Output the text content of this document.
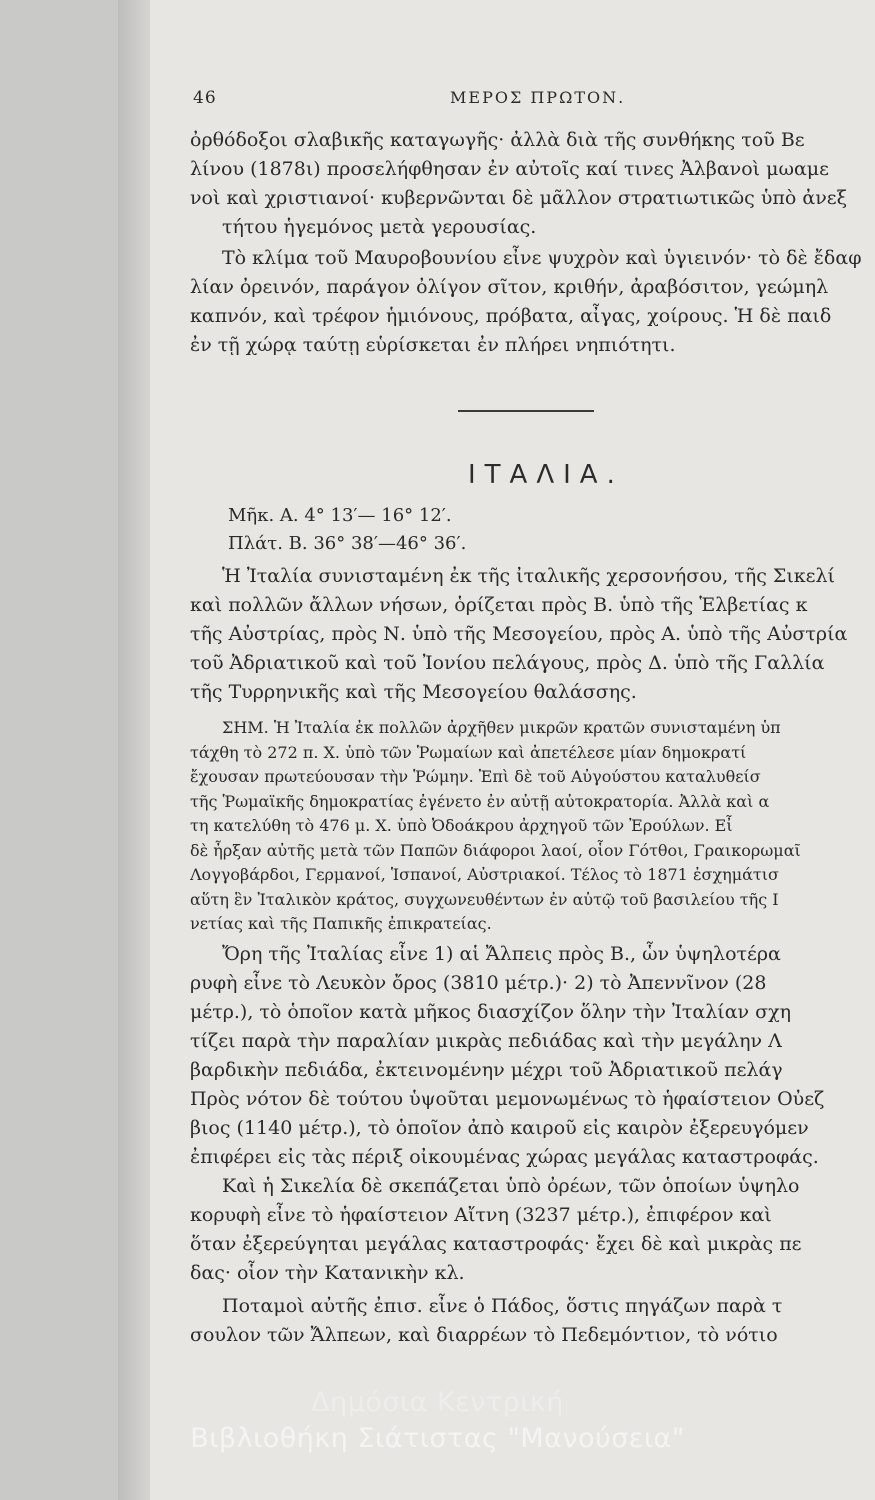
46	ΜΕΡΟΣ ΠΡΩΤΟΝ.

ὀρθόδοξοι σλαβικῆς καταγωγῆς· ἀλλὰ διὰ τῆς συνθήκης τοῦ Βε

λίνου (1878ι) προσελήφθησαν ἐν αὐτοῖς καί τινες Ἀλβανοὶ μωαμε

νοὶ καὶ χριστιανοί· κυβερνῶνται δὲ μᾶλλον στρατιωτικῶς ὑπὸ ἀνεξ

τήτου ἡγεμόνος μετὰ γερουσίας.

Τὸ κλίμα τοῦ Μαυροβουνίου εἶνε ψυχρὸν καὶ ὑγιεινόν· τὸ δὲ ἔδαφ

λίαν ὀρεινόν, παράγον ὀλίγον σῖτον, κριθήν, ἀραβόσιτον, γεώμηλ

καπνόν, καὶ τρέφον ἡμιόνους, πρόβατα, αἶγας, χοίρους. Ἡ δὲ παιδ

ἐν τῇ χώρᾳ ταύτῃ εὑρίσκεται ἐν πλήρει νηπιότητι.

ΙΤΑΛΙΑ.
Μῆκ. Α. 4° 13′— 16° 12′.
Πλάτ. Β. 36° 38′—46° 36′.

Ἡ Ἰταλία συνισταμένη ἐκ τῆς ἰταλικῆς χερσονήσου, τῆς Σικελί

καὶ πολλῶν ἄλλων νήσων, ὁρίζεται πρὸς Β. ὑπὸ τῆς Ἑλβετίας κ

τῆς Αὐστρίας, πρὸς Ν. ὑπὸ τῆς Μεσογείου, πρὸς Α. ὑπὸ τῆς Αὐστρία

τοῦ Ἀδριατικοῦ καὶ τοῦ Ἰονίου πελάγους, πρὸς Δ. ὑπὸ τῆς Γαλλία

τῆς Τυρρηνικῆς καὶ τῆς Μεσογείου θαλάσσης.

ΣΗΜ. Ἡ Ἰταλία ἐκ πολλῶν ἀρχῆθεν μικρῶν κρατῶν συνισταμένη ὑπ

τάχθη τὸ 272 π. Χ. ὑπὸ τῶν Ῥωμαίων καὶ ἀπετέλεσε μίαν δημοκρατί

ἔχουσαν πρωτεύουσαν τὴν Ῥώμην. Ἐπὶ δὲ τοῦ Αὐγούστου καταλυθείσ

τῆς Ῥωμαϊκῆς δημοκρατίας ἐγένετο ἐν αὐτῇ αὐτοκρατορία. Ἀλλὰ καὶ α

τη κατελύθη τὸ 476 μ. Χ. ὑπὸ Ὀδοάκρου ἀρχηγοῦ τῶν Ἐρούλων. Εἶ

δὲ ἦρξαν αὐτῆς μετὰ τῶν Παπῶν διάφοροι λαοί, οἷον Γότθοι, Γραικορωμαῖ

Λογγοβάρδοι, Γερμανοί, Ἱσπανοί, Αὐστριακοί. Τέλος τὸ 1871 ἐσχημάτισ

αὕτη ἓν Ἰταλικὸν κράτος, συγχωνευθέντων ἐν αὐτῷ τοῦ βασιλείου τῆς Ι

νετίας καὶ τῆς Παπικῆς ἐπικρατείας.

Ὄρη τῆς Ἰταλίας εἶνε 1) αἱ Ἄλπεις πρὸς Β., ὧν ὑψηλοτέρα

ρυφὴ εἶνε τὸ Λευκὸν ὄρος (3810 μέτρ.)· 2) τὸ Ἀπεννῖνον (28

μέτρ.), τὸ ὁποῖον κατὰ μῆκος διασχίζον ὅλην τὴν Ἰταλίαν σχη

τίζει παρὰ τὴν παραλίαν μικρὰς πεδιάδας καὶ τὴν μεγάλην Λ

βαρδικὴν πεδιάδα, ἐκτεινομένην μέχρι τοῦ Ἀδριατικοῦ πελάγ

Πρὸς νότον δὲ τούτου ὑψοῦται μεμονωμένως τὸ ἡφαίστειον Οὐεζ

βιος (1140 μέτρ.), τὸ ὁποῖον ἀπὸ καιροῦ εἰς καιρὸν ἐξερευγόμεν

ἐπιφέρει εἰς τὰς πέριξ οἰκουμένας χώρας μεγάλας καταστροφάς.

Καὶ ἡ Σικελία δὲ σκεπάζεται ὑπὸ ὀρέων, τῶν ὁποίων ὑψηλο

κορυφὴ εἶνε τὸ ἡφαίστειον Αἴτνη (3237 μέτρ.), ἐπιφέρον καὶ

ὅταν ἐξερεύγηται μεγάλας καταστροφάς· ἔχει δὲ καὶ μικρὰς πε

δας· οἷον τὴν Κατανικὴν κλ.

Ποταμοὶ αὐτῆς ἐπισ. εἶνε ὁ Πάδος, ὅστις πηγάζων παρὰ τ

σουλον τῶν Ἄλπεων, καὶ διαρρέων τὸ Πεδεμόντιον, τὸ νότιο

Δημόσια Κεντρική
Βιβλιοθήκη Σιάτιστας "Μανούσεια"
